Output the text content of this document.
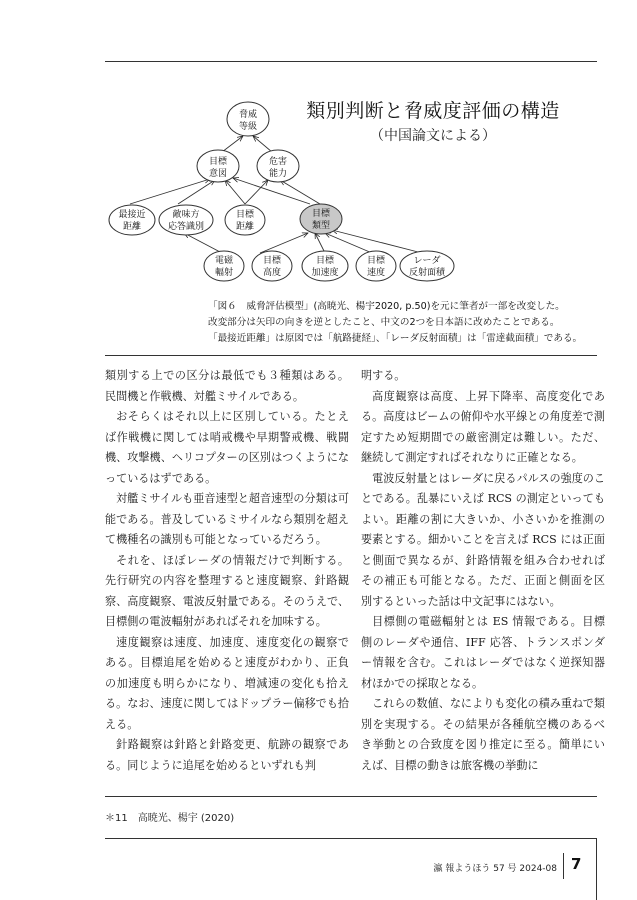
脅威
等級
目標
意図
危害
能力
最接近
距離
敵味方
応答識別
目標
距離
目標
類型
電磁
輻射
目標
高度
目標
加速度
目標
速度
レーダ
反射面積
類別判断と脅威度評価の構造
（中国論文による）
「図６　威脅評估模型」(高暁光、楊宇2020, p.50)を元に筆者が一部を改変した。
改変部分は矢印の向きを逆としたこと、中文の2つを日本語に改めたことである。
「最接近距離」は原図では「航路捷経」、「レーダ反射面積」は「雷達截面積」である。

類別する上での区分は最低でも３種類はある。民間機と作戦機、対艦ミサイルである。

おそらくはそれ以上に区別している。たとえば作戦機に関しては哨戒機や早期警戒機、戦闘機、攻撃機、ヘリコプターの区別はつくようになっているはずである。

対艦ミサイルも亜音速型と超音速型の分類は可能である。普及しているミサイルなら類別を超えて機種名の識別も可能となっているだろう。

それを、ほぼレーダの情報だけで判断する。先行研究の内容を整理すると速度観察、針路観察、高度観察、電波反射量である。そのうえで、目標側の電波輻射があればそれを加味する。

速度観察は速度、加速度、速度変化の観察である。目標追尾を始めると速度がわかり、正負の加速度も明らかになり、増減速の変化も拾える。なお、速度に関してはドップラー偏移でも拾える。

針路観察は針路と針路変更、航跡の観察である。同じように追尾を始めるといずれも判

明する。

高度観察は高度、上昇下降率、高度変化である。高度はビームの俯仰や水平線との角度差で測定すため短期間での厳密測定は難しい。ただ、継続して測定すればそれなりに正確となる。

電波反射量とはレーダに戻るパルスの強度のことである。乱暴にいえば RCS の測定といってもよい。距離の割に大きいか、小さいかを推測の要素とする。細かいことを言えば RCS には正面と側面で異なるが、針路情報を組み合わせればその補正も可能となる。ただ、正面と側面を区別するといった話は中文記事にはない。

目標側の電磁輻射とは ES 情報である。目標側のレーダや通信、IFF 応答、トランスポンダー情報を含む。これはレーダではなく逆探知器材ほかでの採取となる。

これらの数値、なによりも変化の積み重ねで類別を実現する。その結果が各種航空機のあるべき挙動との合致度を図り推定に至る。簡単にいえば、目標の動きは旅客機の挙動に

＊11　高暁光、楊宇 (2020)
瀛 報ようほう 57 号 2024-08 7
